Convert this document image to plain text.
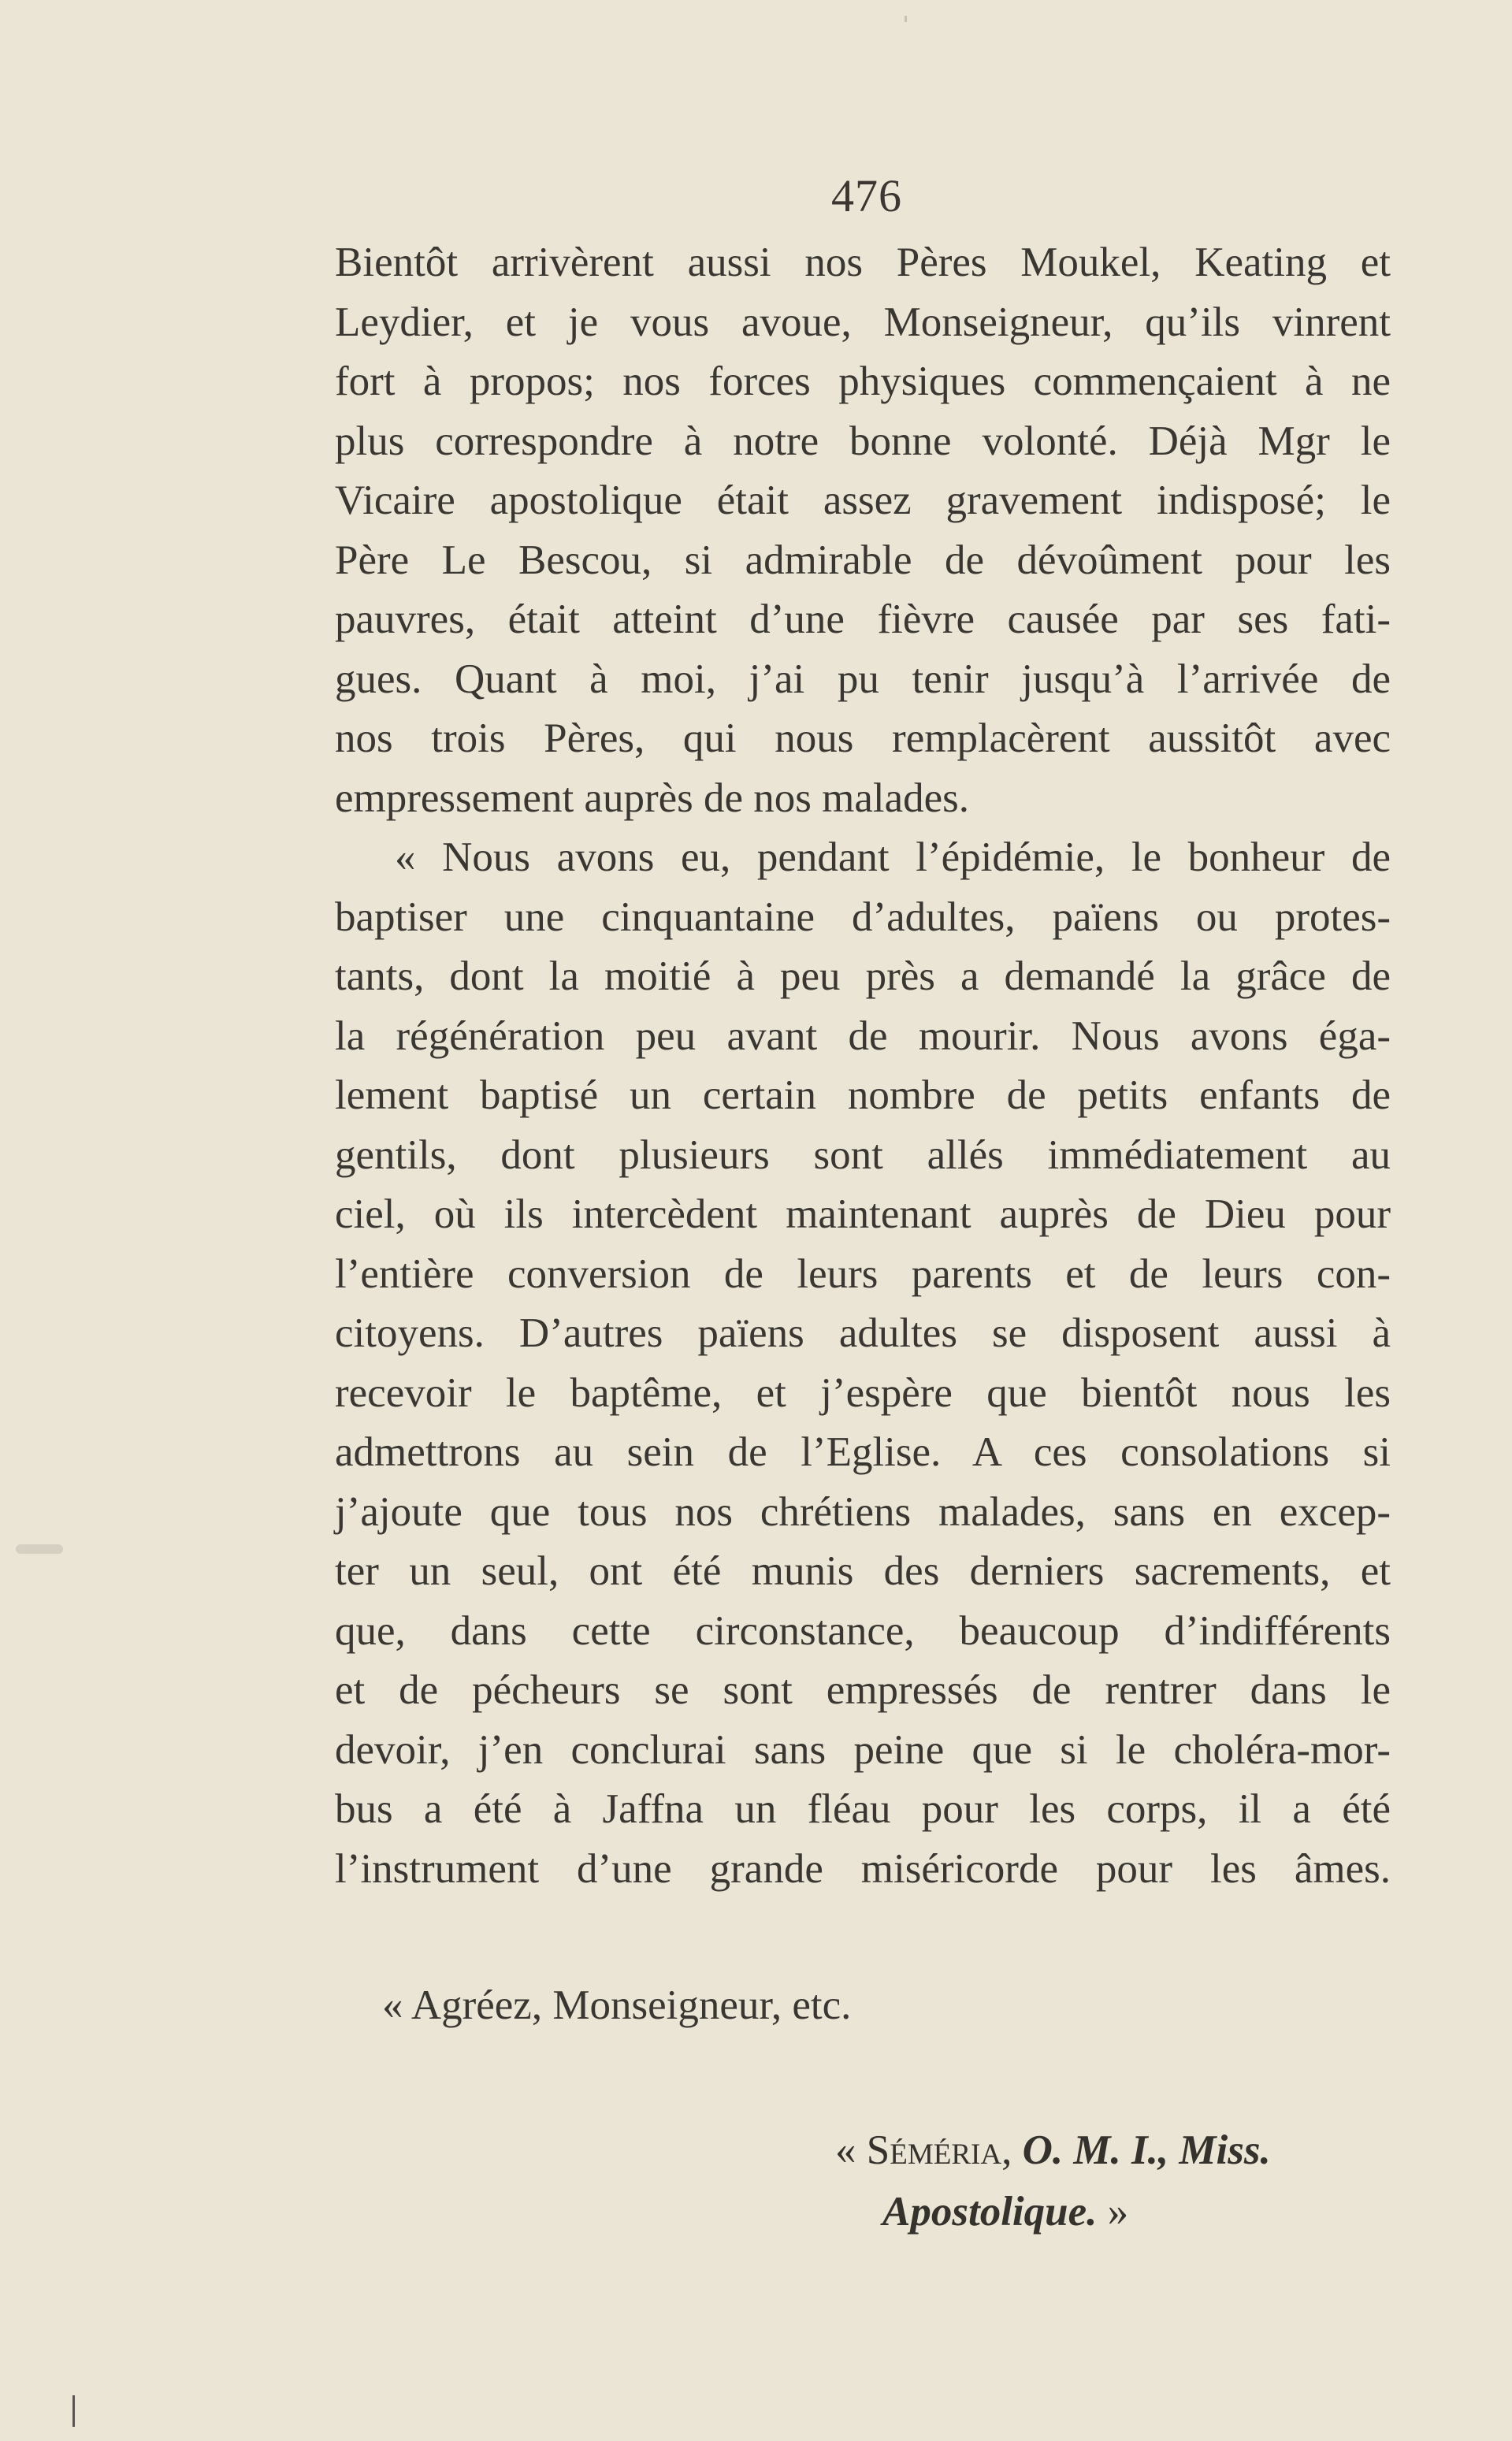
476
Bientôt arrivèrent aussi nos Pères Moukel, Keating et
Leydier, et je vous avoue, Monseigneur, qu’ils vinrent
fort à propos; nos forces physiques commençaient à ne
plus correspondre à notre bonne volonté. Déjà Mgr le
Vicaire apostolique était assez gravement indisposé; le
Père Le Bescou, si admirable de dévoûment pour les
pauvres, était atteint d’une fièvre causée par ses fati-
gues. Quant à moi, j’ai pu tenir jusqu’à l’arrivée de
nos trois Pères, qui nous remplacèrent aussitôt avec
empressement auprès de nos malades.
« Nous avons eu, pendant l’épidémie, le bonheur de
baptiser une cinquantaine d’adultes, païens ou protes-
tants, dont la moitié à peu près a demandé la grâce de
la régénération peu avant de mourir. Nous avons éga-
lement baptisé un certain nombre de petits enfants de
gentils, dont plusieurs sont allés immédiatement au
ciel, où ils intercèdent maintenant auprès de Dieu pour
l’entière conversion de leurs parents et de leurs con-
citoyens. D’autres païens adultes se disposent aussi à
recevoir le baptême, et j’espère que bientôt nous les
admettrons au sein de l’Eglise. A ces consolations si
j’ajoute que tous nos chrétiens malades, sans en excep-
ter un seul, ont été munis des derniers sacrements, et
que, dans cette circonstance, beaucoup d’indifférents
et de pécheurs se sont empressés de rentrer dans le
devoir, j’en conclurai sans peine que si le choléra-mor-
bus a été à Jaffna un fléau pour les corps, il a été
l’instrument d’une grande miséricorde pour les âmes.
« Agréez, Monseigneur, etc.
« Séméria, O. M. I., Miss.
Apostolique. »
